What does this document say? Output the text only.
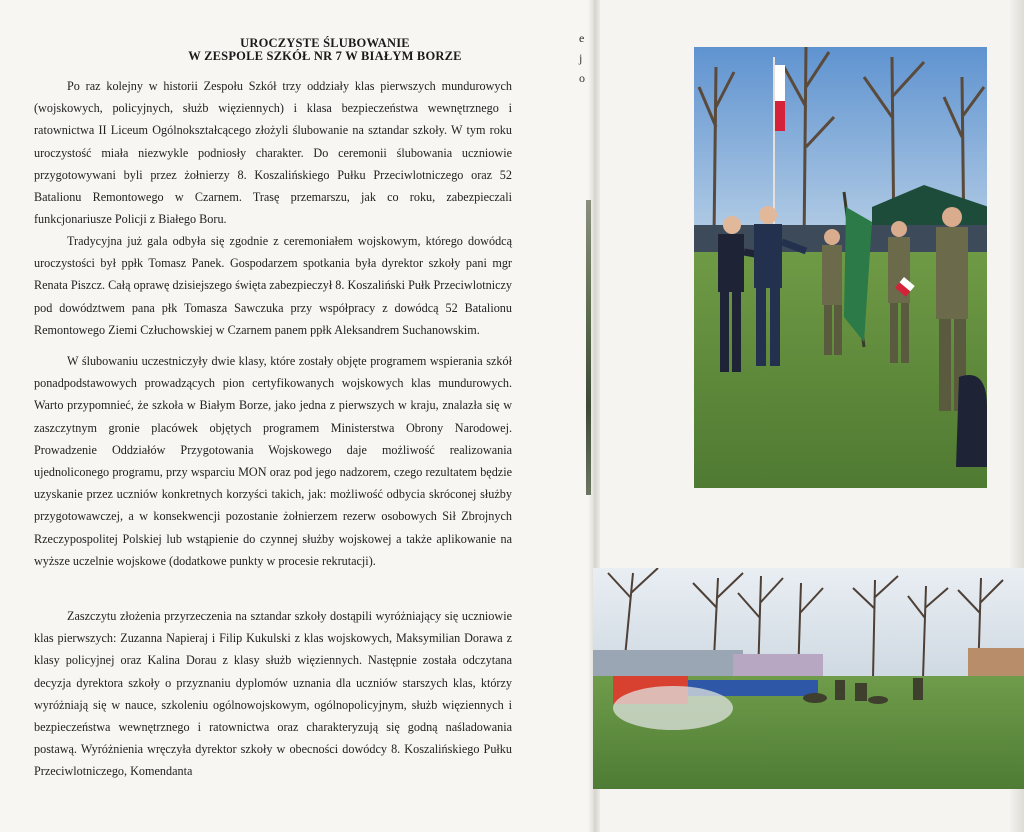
UROCZYSTE ŚLUBOWANIE
W ZESPOLE SZKÓŁ NR 7 W BIAŁYM BORZE

Po raz kolejny w historii Zespołu Szkół trzy oddziały klas pierwszych mundurowych (wojskowych, policyjnych, służb więziennych) i klasa bezpieczeństwa wewnętrznego i ratownictwa II Liceum Ogólnokształcącego złożyli ślubowanie na sztandar szkoły. W tym roku uroczystość miała niezwykle podniosły charakter. Do ceremonii ślubowania uczniowie przygotowywani byli przez żołnierzy 8. Koszalińskiego Pułku Przeciwlotniczego oraz 52 Batalionu Remontowego w Czarnem. Trasę przemarszu, jak co roku, zabezpieczali funkcjonariusze Policji z Białego Boru.

Tradycyjna już gala odbyła się zgodnie z ceremoniałem wojskowym, którego dowódcą uroczystości był ppłk Tomasz Panek. Gospodarzem spotkania była dyrektor szkoły pani mgr Renata Piszcz. Całą oprawę dzisiejszego święta zabezpieczył 8. Koszaliński Pułk Przeciwlotniczy pod dowództwem pana płk Tomasza Sawczuka przy współpracy z dowódcą 52 Batalionu Remontowego Ziemi Człuchowskiej w Czarnem panem ppłk Aleksandrem Suchanowskim.

W ślubowaniu uczestniczyły dwie klasy, które zostały objęte programem wspierania szkół ponadpodstawowych prowadzących pion certyfikowanych wojskowych klas mundurowych. Warto przypomnieć, że szkoła w Białym Borze, jako jedna z pierwszych w kraju, znalazła się w zaszczytnym gronie placówek objętych programem Ministerstwa Obrony Narodowej. Prowadzenie Oddziałów Przygotowania Wojskowego daje możliwość realizowania ujednoliconego programu, przy wsparciu MON oraz pod jego nadzorem, czego rezultatem będzie uzyskanie przez uczniów konkretnych korzyści takich, jak: możliwość odbycia skróconej służby przygotowawczej, a w konsekwencji pozostanie żołnierzem rezerw osobowych Sił Zbrojnych Rzeczypospolitej Polskiej lub wstąpienie do czynnej służby wojskowej a także aplikowanie na wyższe uczelnie wojskowe (dodatkowe punkty w procesie rekrutacji).

Zaszczytu złożenia przyrzeczenia na sztandar szkoły dostąpili wyróżniający się uczniowie klas pierwszych: Zuzanna Napieraj i Filip Kukulski z klas wojskowych, Maksymilian Dorawa z klasy policyjnej oraz Kalina Dorau z klasy służb więziennych. Następnie została odczytana decyzja dyrektora szkoły o przyznaniu dyplomów uznania dla uczniów starszych klas, którzy wyróżniają się w nauce, szkoleniu ogólnowojskowym, ogólnopolicyjnym, służb więziennych i bezpieczeństwa wewnętrznego i ratownictwa oraz charakteryzują się godną naśladowania postawą. Wyróżnienia wręczyła dyrektor szkoły w obecności dowódcy 8. Koszalińskiego Pułku Przeciwlotniczego, Komendanta

e
j
o
